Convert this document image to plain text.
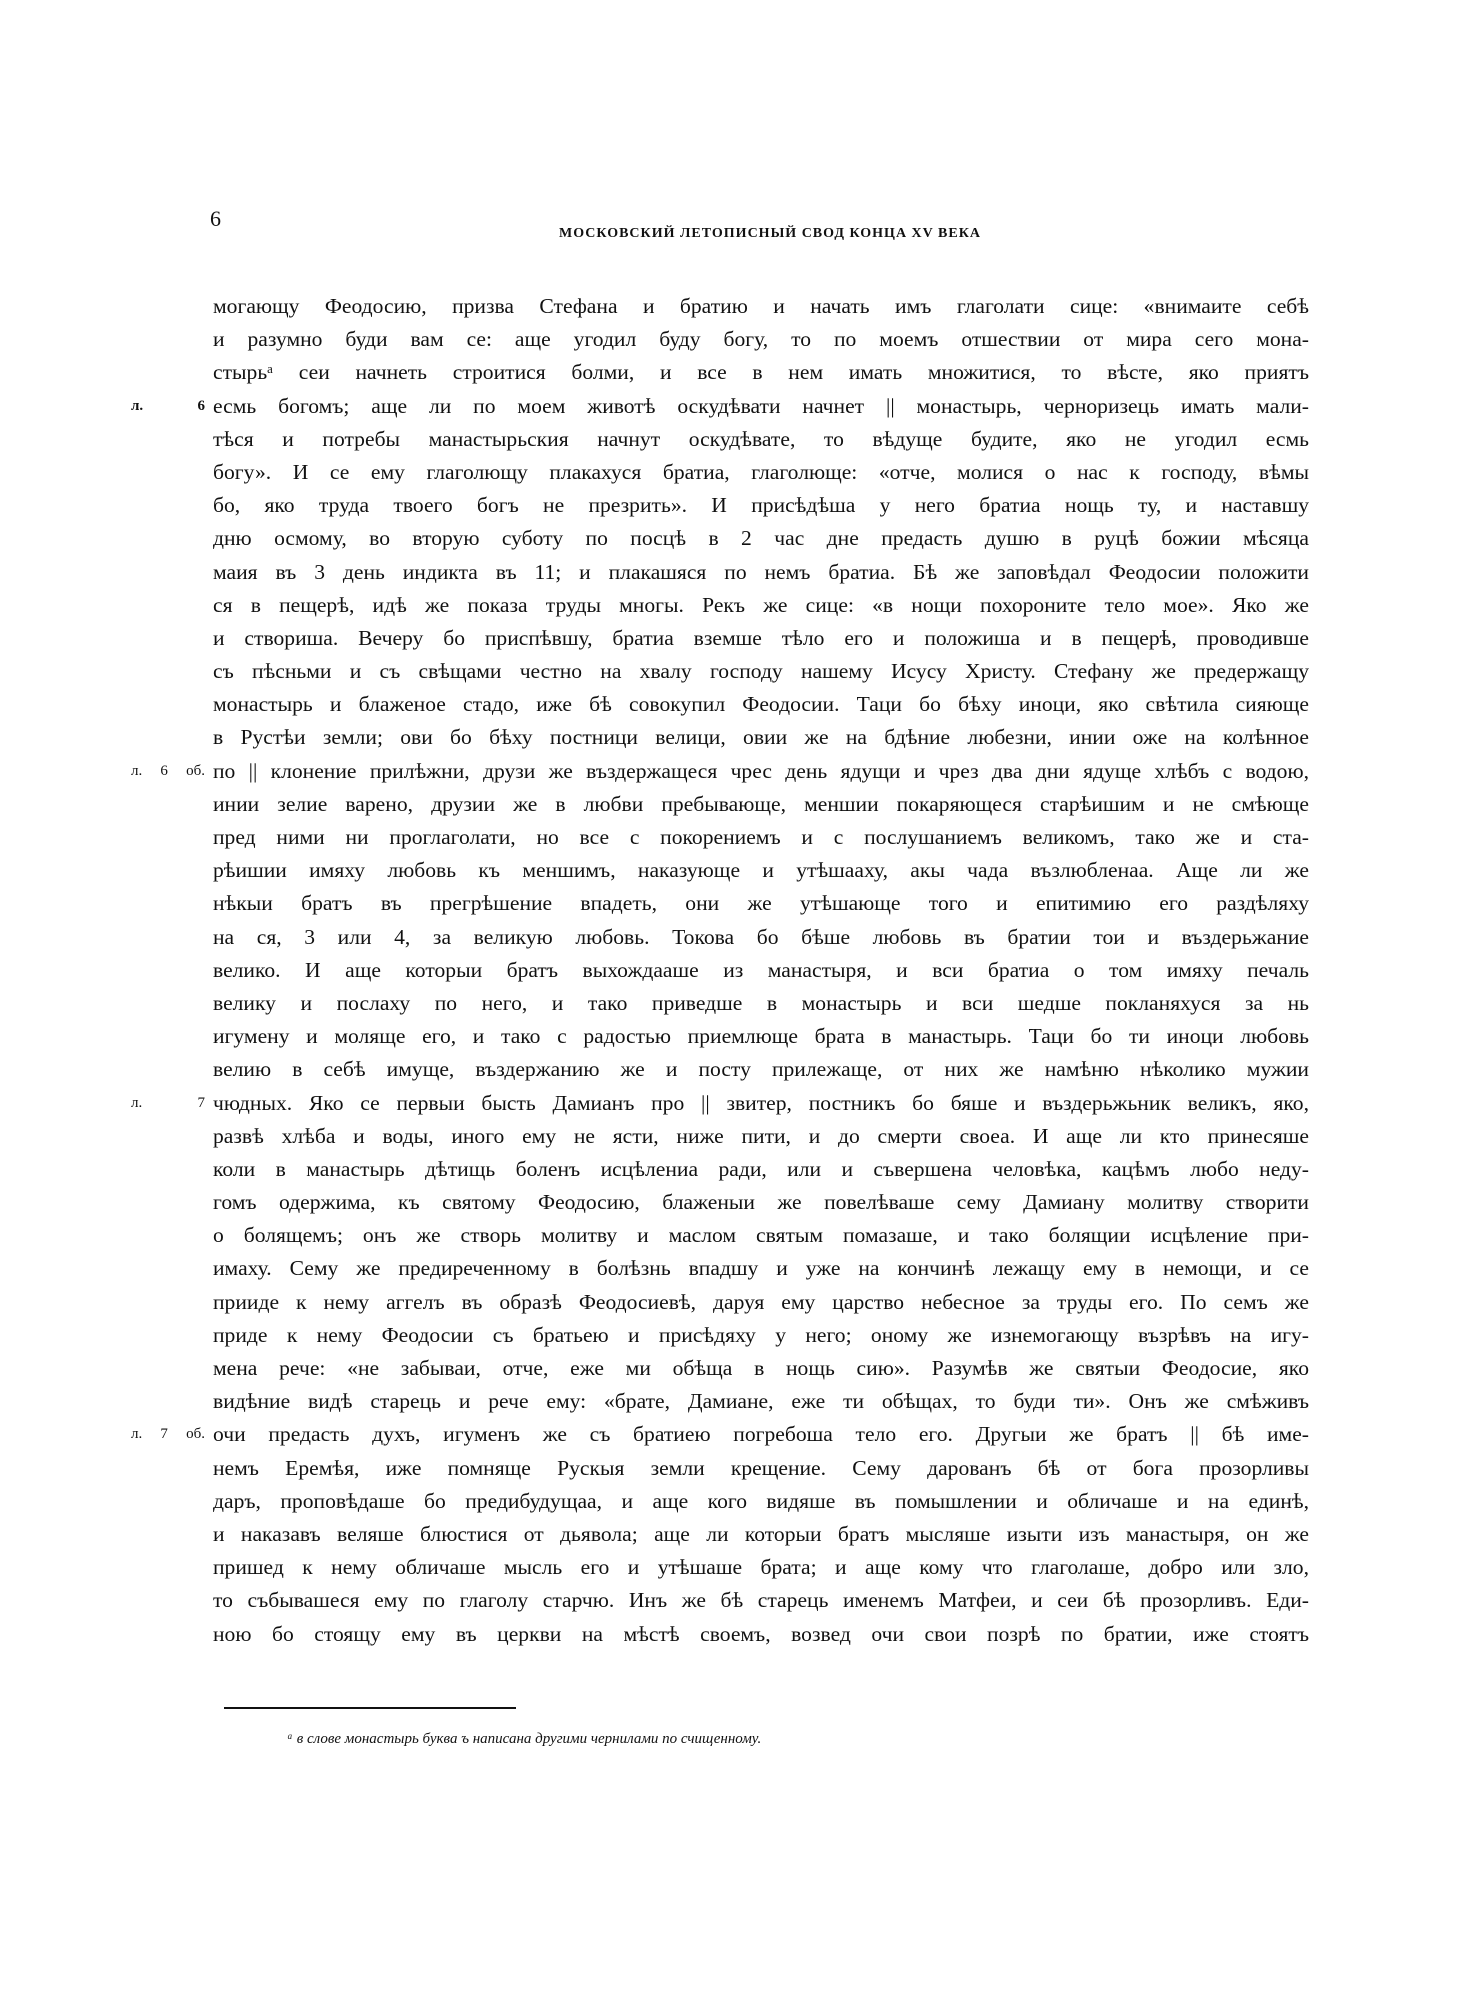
6
МОСКОВСКИЙ ЛЕТОПИСНЫЙ СВОД КОНЦА XV ВЕКА
могающу Феодосию, призва Стефана и братию и начать имъ глаголати сице: «внимаите себѣ
и разумно буди вам се: аще угодил буду богу, то по моемъ отшествии от мира сего мона-
стырьᵃ сеи начнеть строитися болми, и все в нем имать множитися, то вѣсте, яко приятъ
есмь богомъ; аще ли по моем животѣ оскудѣвати начнет || монастырь, черноризець имать мали-
л. 6
тѣся и потребы манастырьския начнут оскудѣвате, то вѣдуще будите, яко не угодил есмь
богу». И се ему глаголющу плакахуся братиа, глаголюще: «отче, молися о нас к господу, вѣмы
бо, яко труда твоего богъ не презрить». И присѣдѣша у него братиа нощь ту, и наставшу
дню осмому, во вторую суботу по посцѣ в 2 час дне предасть душю в руцѣ божии мѣсяца
маия въ 3 день индикта въ 11; и плакашяся по немъ братиа. Бѣ же заповѣдал Феодосии положити
ся в пещерѣ, идѣ же показа труды многы. Рекъ же сице: «в нощи похороните тело мое». Яко же
и створиша. Вечеру бо приспѣвшу, братиа вземше тѣло его и положиша и в пещерѣ, проводивше
съ пѣсньми и съ свѣщами честно на хвалу господу нашему Исусу Христу. Стефану же предержащу
монастырь и блаженое стадо, иже бѣ совокупил Феодосии. Таци бо бѣху иноци, яко свѣтила сияюще
в Рустѣи земли; ови бо бѣху постници велици, овии же на бдѣние любезни, инии оже на колѣнное
по || клонение прилѣжни, друзи же въздержащеся чрес день ядущи и чрез два дни ядуще хлѣбъ с водою,
л. 6 об.
инии зелие варено, друзии же в любви пребывающе, меншии покаряющеся старѣишим и не смѣюще
пред ними ни проглаголати, но все с покорениемъ и с послушаниемъ великомъ, тако же и ста-
рѣишии имяху любовь къ меншимъ, наказующе и утѣшааху, акы чада възлюбленаа. Аще ли же
нѣкыи братъ въ прегрѣшение впадеть, они же утѣшающе того и епитимию его раздѣляху
на ся, 3 или 4, за великую любовь. Токова бо бѣше любовь въ братии тои и въздерьжание
велико. И аще которыи братъ выхождааше из манастыря, и вси братиа о том имяху печаль
велику и послаху по него, и тако приведше в монастырь и вси шедше покланяхуся за нь
игумену и моляще его, и тако с радостью приемлюще брата в манастырь. Таци бо ти иноци любовь
велию в себѣ имуще, въздержанию же и посту прилежаще, от них же намѣню нѣколико мужии
чюдных. Яко се первыи бысть Дамианъ про || звитер, постникъ бо бяше и въздерьжьник великъ, яко,
л. 7
развѣ хлѣба и воды, иного ему не ясти, ниже пити, и до смерти своеа. И аще ли кто принесяше
коли в манастырь дѣтищь боленъ исцѣлениа ради, или и съвершена человѣка, кацѣмъ любо неду-
гомъ одержима, къ святому Феодосию, блаженыи же повелѣваше сему Дамиану молитву створити
о болящемъ; онъ же створь молитву и маслом святым помазаше, и тако болящии исцѣление при-
имаху. Сему же предиреченному в болѣзнь впадшу и уже на кончинѣ лежащу ему в немощи, и се
прииде к нему аггелъ въ образѣ Феодосиевѣ, даруя ему царство небесное за труды его. По семъ же
приде к нему Феодосии съ братьею и присѣдяху у него; оному же изнемогающу възрѣвъ на игу-
мена рече: «не забываи, отче, еже ми обѣща в нощь сию». Разумѣв же святыи Феодосие, яко
видѣние видѣ старець и рече ему: «брате, Дамиане, еже ти обѣщах, то буди ти». Онъ же смѣживъ
очи предасть духъ, игуменъ же съ братиею погребоша тело его. Другыи же братъ || бѣ име-
л. 7 об.
немъ Еремѣя, иже помняще Рускыя земли крещение. Сему дарованъ бѣ от бога прозорливы
даръ, проповѣдаше бо предибудущаа, и аще кого видяше въ помышлении и обличаше и на единѣ,
и наказавъ веляше блюстися от дьявола; аще ли которыи братъ мысляше изыти изъ манастыря, он же
пришед к нему обличаше мысль его и утѣшаше брата; и аще кому что глаголаше, добро или зло,
то събывашеся ему по глаголу старчю. Инъ же бѣ старець именемъ Матфеи, и сеи бѣ прозорливъ. Еди-
ною бо стоящу ему въ церкви на мѣстѣ своемъ, возвед очи свои позрѣ по братии, иже стоятъ
ᵃ в слове монастырь буква ъ написана другими чернилами по счищенному.
